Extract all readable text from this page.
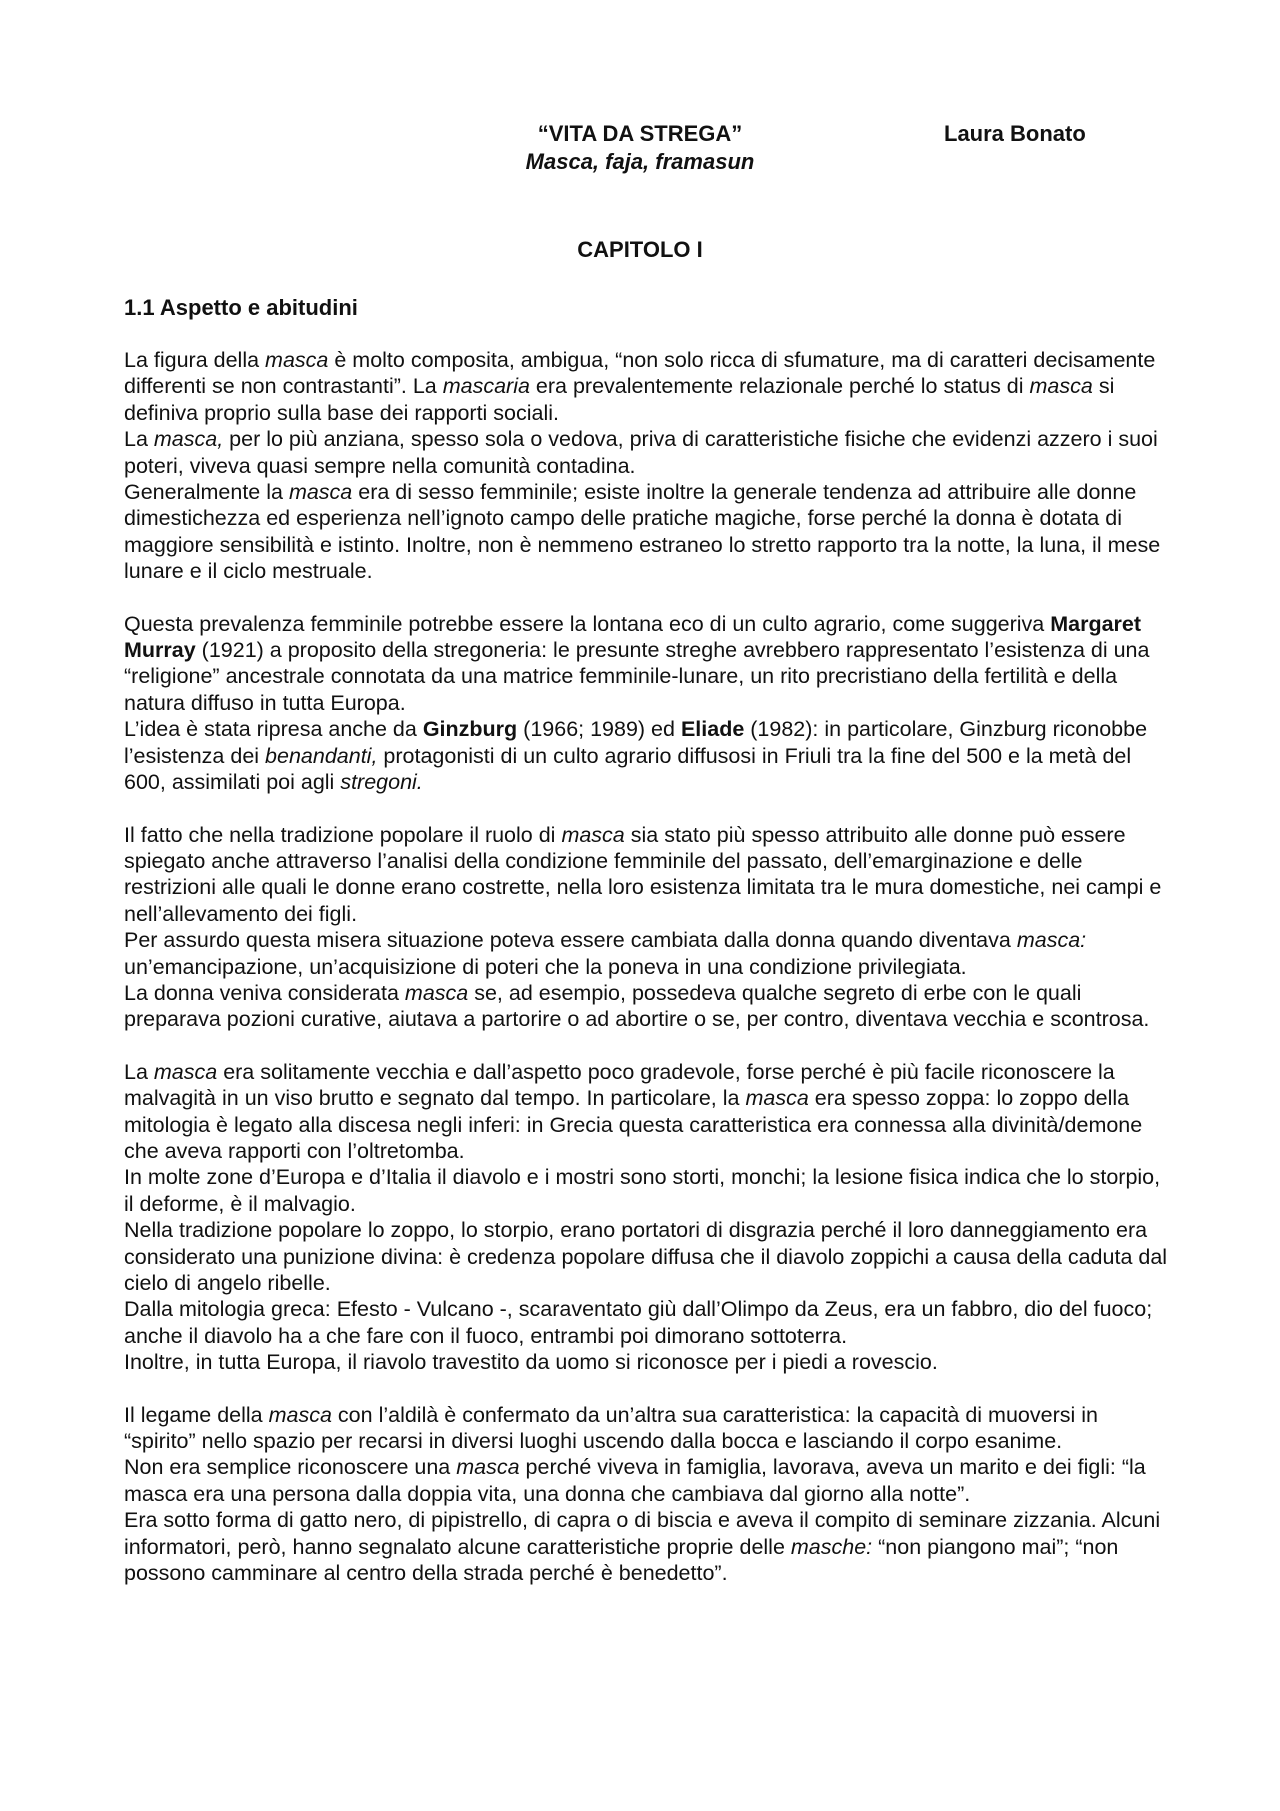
“VITA DA STREGA”
Masca, faja, framasun
Laura Bonato
CAPITOLO I
1.1 Aspetto e abitudini

La figura della masca è molto composita, ambigua, “non solo ricca di sfumature, ma di caratteri decisamente differenti se non contrastanti”. La mascaria era prevalentemente relazionale perché lo status di masca si definiva proprio sulla base dei rapporti sociali.

La masca, per lo più anziana, spesso sola o vedova, priva di caratteristiche fisiche che evidenzi azzero i suoi poteri, viveva quasi sempre nella comunità contadina.

Generalmente la masca era di sesso femminile; esiste inoltre la generale tendenza ad attribuire alle donne dimestichezza ed esperienza nell’ignoto campo delle pratiche magiche, forse perché la donna è dotata di maggiore sensibilità e istinto. Inoltre, non è nemmeno estraneo lo stretto rapporto tra la notte, la luna, il mese lunare e il ciclo mestruale.

Questa prevalenza femminile potrebbe essere la lontana eco di un culto agrario, come suggeriva Margaret Murray (1921) a proposito della stregoneria: le presunte streghe avrebbero rappresentato l’esistenza di una “religione” ancestrale connotata da una matrice femminile-lunare, un rito precristiano della fertilità e della natura diffuso in tutta Europa.

L’idea è stata ripresa anche da Ginzburg (1966; 1989) ed Eliade (1982): in particolare, Ginzburg riconobbe l’esistenza dei benandanti, protagonisti di un culto agrario diffusosi in Friuli tra la fine del 500 e la metà del 600, assimilati poi agli stregoni.

Il fatto che nella tradizione popolare il ruolo di masca sia stato più spesso attribuito alle donne può essere spiegato anche attraverso l’analisi della condizione femminile del passato, dell’emarginazione e delle restrizioni alle quali le donne erano costrette, nella loro esistenza limitata tra le mura domestiche, nei campi e nell’allevamento dei figli.

Per assurdo questa misera situazione poteva essere cambiata dalla donna quando diventava masca: un’emancipazione, un’acquisizione di poteri che la poneva in una condizione privilegiata.

La donna veniva considerata masca se, ad esempio, possedeva qualche segreto di erbe con le quali preparava pozioni curative, aiutava a partorire o ad abortire o se, per contro, diventava vecchia e scontrosa.

La masca era solitamente vecchia e dall’aspetto poco gradevole, forse perché è più facile riconoscere la malvagità in un viso brutto e segnato dal tempo. In particolare, la masca era spesso zoppa: lo zoppo della mitologia è legato alla discesa negli inferi: in Grecia questa caratteristica era connessa alla divinità/demone che aveva rapporti con l’oltretomba.

In molte zone d’Europa e d’Italia il diavolo e i mostri sono storti, monchi; la lesione fisica indica che lo storpio, il deforme, è il malvagio.

Nella tradizione popolare lo zoppo, lo storpio, erano portatori di disgrazia perché il loro danneggiamento era considerato una punizione divina: è credenza popolare diffusa che il diavolo zoppichi a causa della caduta dal cielo di angelo ribelle.

Dalla mitologia greca: Efesto - Vulcano -, scaraventato giù dall’Olimpo da Zeus, era un fabbro, dio del fuoco; anche il diavolo ha a che fare con il fuoco, entrambi poi dimorano sottoterra.

Inoltre, in tutta Europa, il riavolo travestito da uomo si riconosce per i piedi a rovescio.

Il legame della masca con l’aldilà è confermato da un’altra sua caratteristica: la capacità di muoversi in “spirito” nello spazio per recarsi in diversi luoghi uscendo dalla bocca e lasciando il corpo esanime.

Non era semplice riconoscere una masca perché viveva in famiglia, lavorava, aveva un marito e dei figli: “la masca era una persona dalla doppia vita, una donna che cambiava dal giorno alla notte”.

Era sotto forma di gatto nero, di pipistrello, di capra o di biscia e aveva il compito di seminare zizzania. Alcuni informatori, però, hanno segnalato alcune caratteristiche proprie delle masche: “non piangono mai”; “non possono camminare al centro della strada perché è benedetto”.
